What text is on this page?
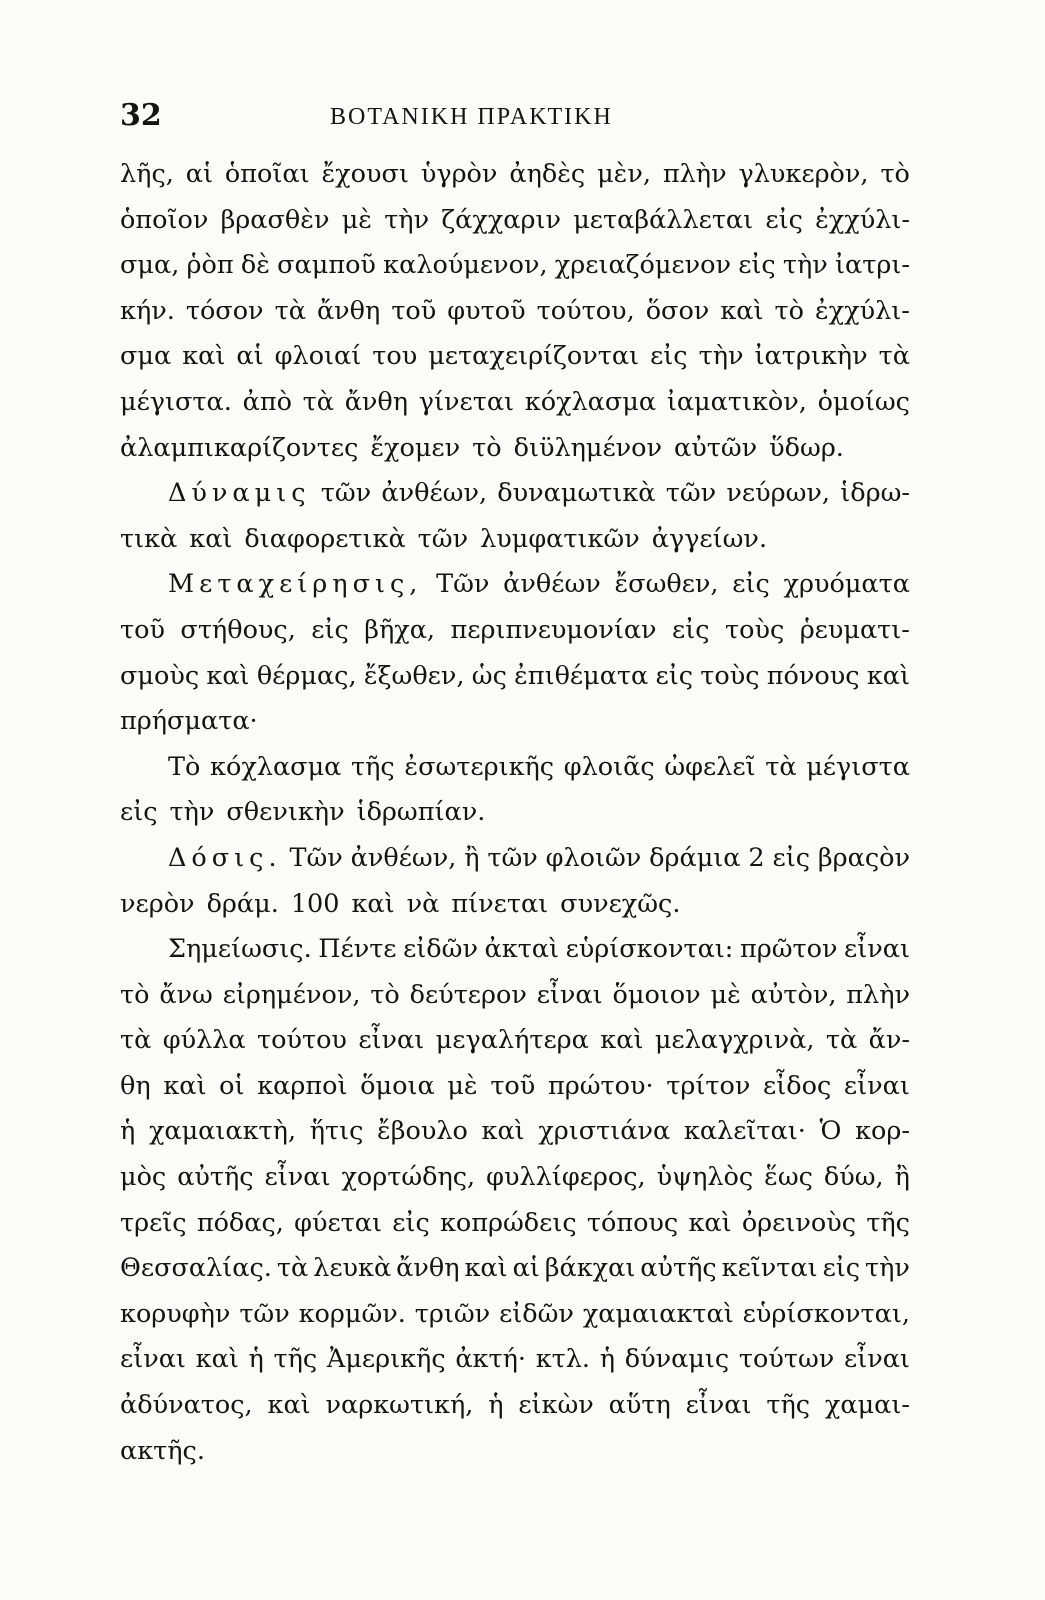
32	ΒΟΤΑΝΙΚΗ ΠΡΑΚΤΙΚΗ
λῆς, αἱ ὁποῖαι ἔχουσι ὑγρὸν ἀηδὲς μὲν, πλὴν γλυκερὸν, τὸ
ὁποῖον βρασθὲν μὲ τὴν ζάχχαριν μεταβάλλεται εἰς ἐχχύλι-
σμα, ῥὸπ δὲ σαμποῦ καλούμενον, χρειαζόμενον εἰς τὴν ἰατρι-
κήν. τόσον τὰ ἄνθη τοῦ φυτοῦ τούτου, ὅσον καὶ τὸ ἐχχύλι-
σμα καὶ αἱ φλοιαί του μεταχειρίζονται εἰς τὴν ἰατρικὴν τὰ
μέγιστα. ἀπὸ τὰ ἄνθη γίνεται κόχλασμα ἰαματικὸν, ὁμοίως
ἀλαμπικαρίζοντες ἔχομεν τὸ διϋλημένον αὐτῶν ὕδωρ.
Δύναμις τῶν ἀνθέων, δυναμωτικὰ τῶν νεύρων, ἱδρω-
τικὰ καὶ διαφορετικὰ τῶν λυμφατικῶν ἀγγείων.
Μεταχείρησις, Τῶν ἀνθέων ἔσωθεν, εἰς χρυόματα
τοῦ στήθους, εἰς βῆχα, περιπνευμονίαν εἰς τοὺς ῥευματι-
σμοὺς καὶ θέρμας, ἔξωθεν, ὡς ἐπιθέματα εἰς τοὺς πόνους καὶ
πρήσματα·
Τὸ κόχλασμα τῆς ἐσωτερικῆς φλοιᾶς ὠφελεῖ τὰ μέγιστα
εἰς τὴν σθενικὴν ἱδρωπίαν.
Δόσις. Τῶν ἀνθέων, ἢ τῶν φλοιῶν δράμια 2 εἰς βραςὸν
νερὸν δράμ. 100 καὶ νὰ πίνεται συνεχῶς.
Σημείωσις. Πέντε εἰδῶν ἀκταὶ εὑρίσκονται: πρῶτον εἶναι
τὸ ἄνω εἰρημένον, τὸ δεύτερον εἶναι ὅμοιον μὲ αὐτὸν, πλὴν
τὰ φύλλα τούτου εἶναι μεγαλήτερα καὶ μελαγχρινὰ, τὰ ἄν-
θη καὶ οἱ καρποὶ ὅμοια μὲ τοῦ πρώτου· τρίτον εἶδος εἶναι
ἡ χαμαιακτὴ, ἥτις ἔβουλο καὶ χριστιάνα καλεῖται· Ὁ κορ-
μὸς αὐτῆς εἶναι χορτώδης, φυλλίφερος, ὑψηλὸς ἕως δύω, ἢ
τρεῖς πόδας, φύεται εἰς κοπρώδεις τόπους καὶ ὀρεινοὺς τῆς
Θεσσαλίας. τὰ λευκὰ ἄνθη καὶ αἱ βάκχαι αὐτῆς κεῖνται εἰς τὴν
κορυφὴν τῶν κορμῶν. τριῶν εἰδῶν χαμαιακταὶ εὑρίσκονται,
εἶναι καὶ ἡ τῆς Ἀμερικῆς ἀκτή· κτλ. ἡ δύναμις τούτων εἶναι
ἀδύνατος, καὶ ναρκωτική, ἡ εἰκὼν αὕτη εἶναι τῆς χαμαι-
ακτῆς.
